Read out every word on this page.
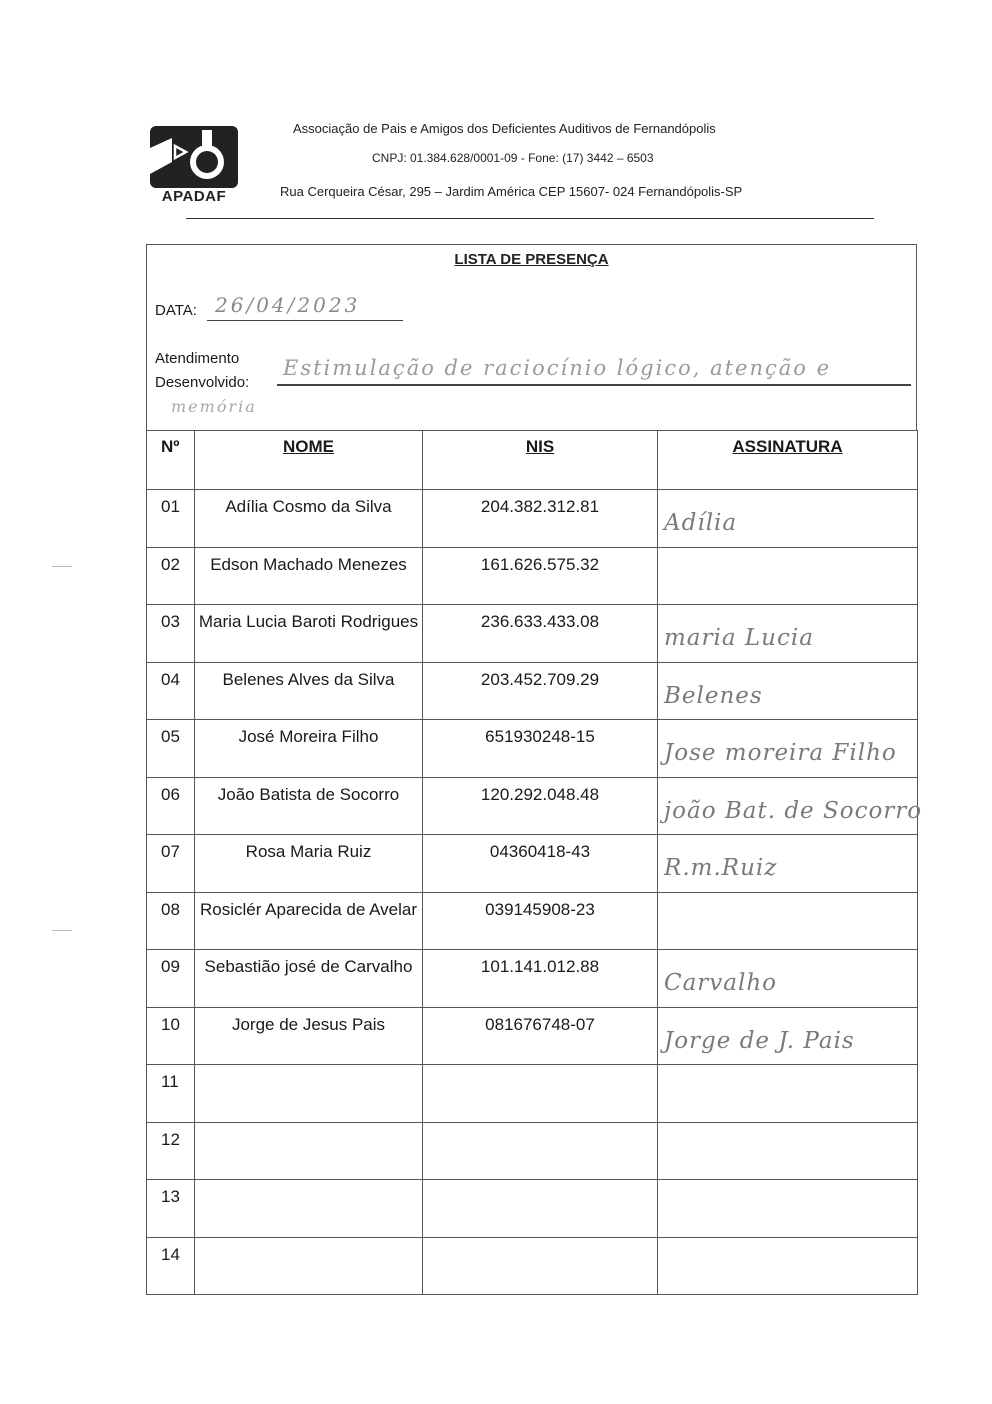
APADAF
Associação de Pais e Amigos dos Deficientes Auditivos de Fernandópolis
CNPJ: 01.384.628/0001-09 - Fone: (17) 3442 – 6503
Rua Cerqueira César, 295 – Jardim América CEP 15607- 024 Fernandópolis-SP
LISTA DE PRESENÇA
DATA: 26/04/2023
Atendimento
Desenvolvido:
Estimulação de raciocínio lógico, atenção e
memória
Nº	NOME	NIS	ASSINATURA
01	Adília Cosmo da Silva	204.382.312.81	Adília

02	Edson Machado Menezes	161.626.575.32	

03	Maria Lucia Baroti Rodrigues	236.633.433.08	maria Lucia

04	Belenes Alves da Silva	203.452.709.29	Belenes

05	José Moreira Filho	651930248-15	Jose moreira Filho

06	João Batista de Socorro	120.292.048.48	joão Bat. de Socorro

07	Rosa Maria Ruiz	04360418-43	R.m.Ruiz

08	Rosiclér Aparecida de Avelar	039145908-23	

09	Sebastião josé de Carvalho	101.141.012.88	Carvalho

10	Jorge de Jesus Pais	081676748-07	Jorge de J. Pais

11			

12			

13			

14			
